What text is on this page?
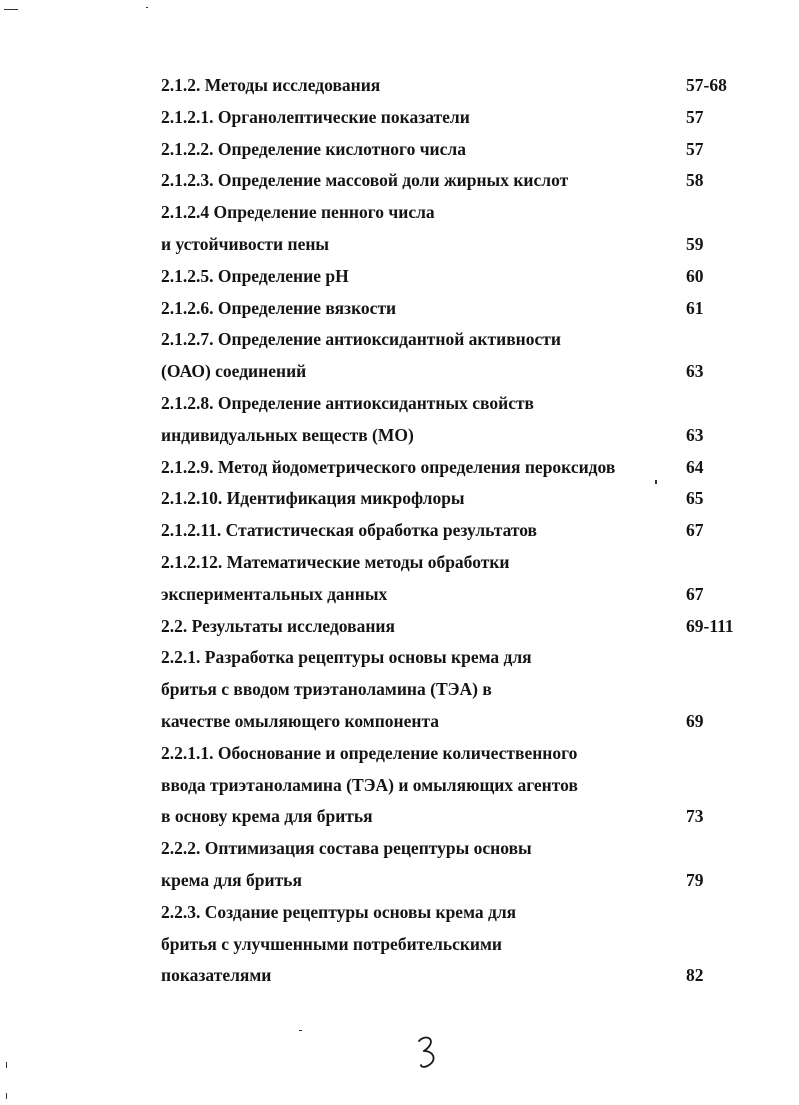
2.1.2. Методы исследования	57-68
2.1.2.1. Органолептические показатели	57
2.1.2.2. Определение кислотного числа	57
2.1.2.3. Определение массовой доли жирных кислот	58
2.1.2.4 Определение пенного числа
и устойчивости пены	59
2.1.2.5. Определение рН	60
2.1.2.6. Определение вязкости	61
2.1.2.7. Определение антиоксидантной активности
(ОАО) соединений	63
2.1.2.8. Определение антиоксидантных свойств
индивидуальных веществ (МО)	63
2.1.2.9. Метод йодометрического определения пероксидов	64
2.1.2.10. Идентификация микрофлоры	65
2.1.2.11. Статистическая обработка результатов	67
2.1.2.12. Математические методы обработки
экспериментальных данных	67
2.2. Результаты исследования	69-111
2.2.1. Разработка рецептуры основы крема для
бритья с вводом триэтаноламина (ТЭА) в
качестве омыляющего компонента	69
2.2.1.1. Обоснование и определение количественного
ввода триэтаноламина (ТЭА) и омыляющих агентов
в основу крема для бритья	73
2.2.2. Оптимизация состава рецептуры основы
крема для бритья	79
2.2.3. Создание рецептуры основы крема для
бритья с улучшенными потребительскими
показателями	82
